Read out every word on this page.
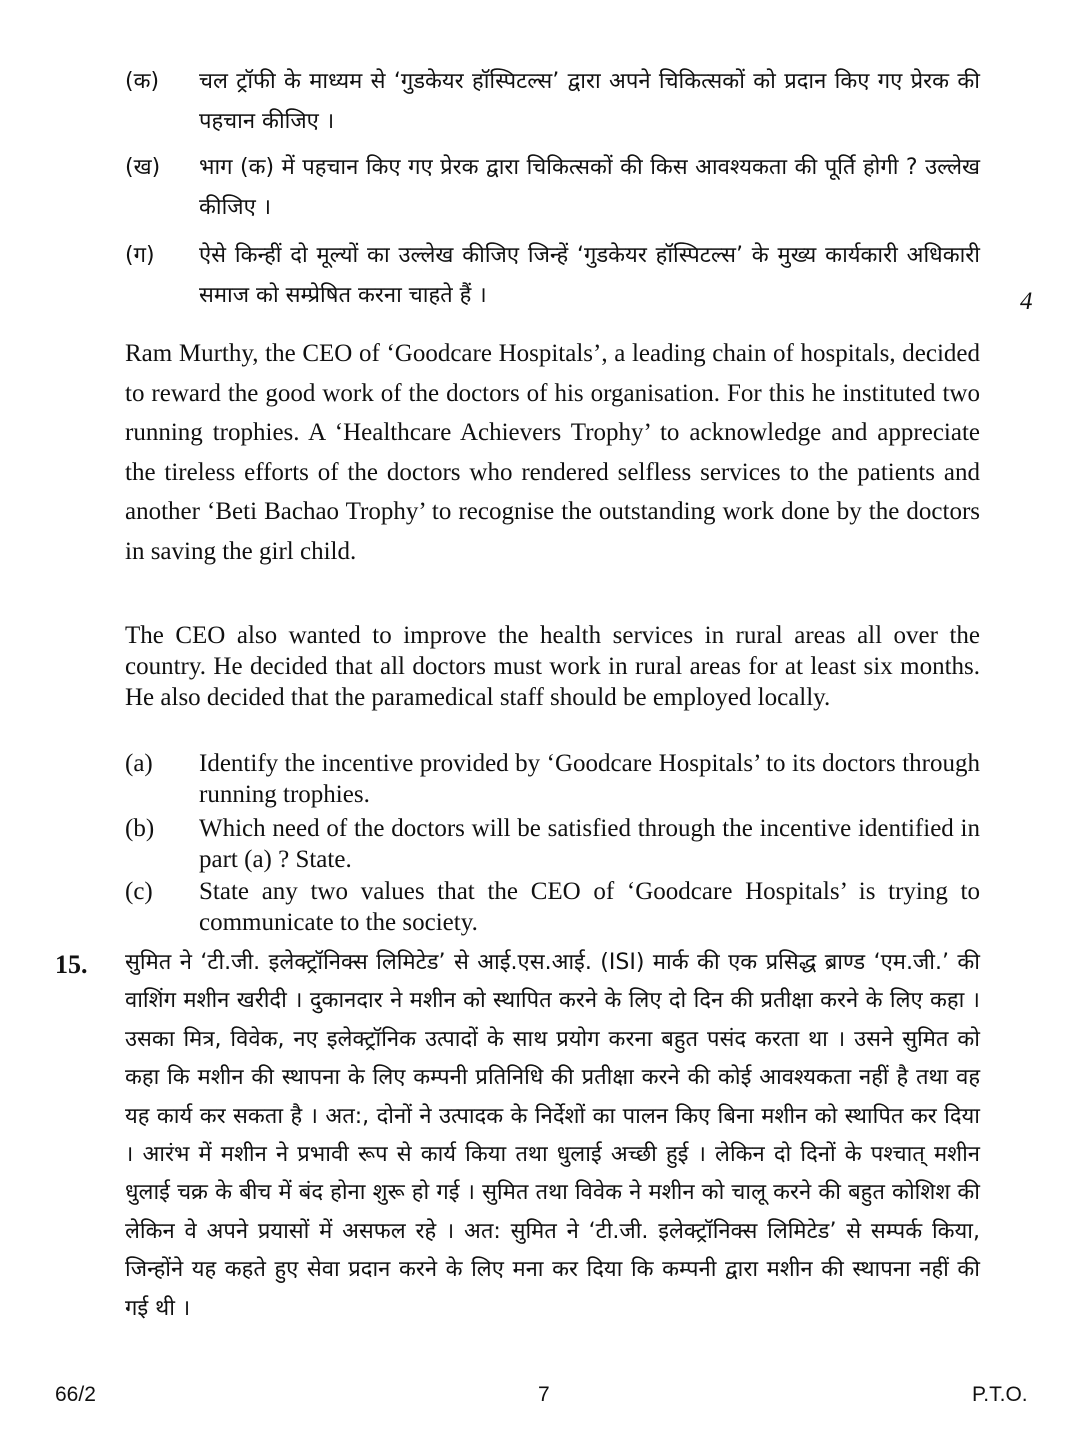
(क) चल ट्रॉफी के माध्यम से ‘गुडकेयर हॉस्पिटल्स’ द्वारा अपने चिकित्सकों को प्रदान किए गए प्रेरक की पहचान कीजिए ।
(ख) भाग (क) में पहचान किए गए प्रेरक द्वारा चिकित्सकों की किस आवश्यकता की पूर्ति होगी ? उल्लेख कीजिए ।
(ग) ऐसे किन्हीं दो मूल्यों का उल्लेख कीजिए जिन्हें ‘गुडकेयर हॉस्पिटल्स’ के मुख्य कार्यकारी अधिकारी समाज को सम्प्रेषित करना चाहते हैं ।	4
Ram Murthy, the CEO of ‘Goodcare Hospitals’, a leading chain of hospitals, decided to reward the good work of the doctors of his organisation. For this he instituted two running trophies. A ‘Healthcare Achievers Trophy’ to acknowledge and appreciate the tireless efforts of the doctors who rendered selfless services to the patients and another ‘Beti Bachao Trophy’ to recognise the outstanding work done by the doctors in saving the girl child.
The CEO also wanted to improve the health services in rural areas all over the country. He decided that all doctors must work in rural areas for at least six months. He also decided that the paramedical staff should be employed locally.
(a) Identify the incentive provided by ‘Goodcare Hospitals’ to its doctors through running trophies.
(b) Which need of the doctors will be satisfied through the incentive identified in part (a) ? State.
(c) State any two values that the CEO of ‘Goodcare Hospitals’ is trying to communicate to the society.
15. सुमित ने ‘टी.जी. इलेक्ट्रॉनिक्स लिमिटेड’ से आई.एस.आई. (ISI) मार्क की एक प्रसिद्ध ब्राण्ड ‘एम.जी.’ की वाशिंग मशीन खरीदी । दुकानदार ने मशीन को स्थापित करने के लिए दो दिन की प्रतीक्षा करने के लिए कहा । उसका मित्र, विवेक, नए इलेक्ट्रॉनिक उत्पादों के साथ प्रयोग करना बहुत पसंद करता था । उसने सुमित को कहा कि मशीन की स्थापना के लिए कम्पनी प्रतिनिधि की प्रतीक्षा करने की कोई आवश्यकता नहीं है तथा वह यह कार्य कर सकता है । अत:, दोनों ने उत्पादक के निर्देशों का पालन किए बिना मशीन को स्थापित कर दिया । आरंभ में मशीन ने प्रभावी रूप से कार्य किया तथा धुलाई अच्छी हुई । लेकिन दो दिनों के पश्चात् मशीन धुलाई चक्र के बीच में बंद होना शुरू हो गई । सुमित तथा विवेक ने मशीन को चालू करने की बहुत कोशिश की लेकिन वे अपने प्रयासों में असफल रहे । अत: सुमित ने ‘टी.जी. इलेक्ट्रॉनिक्स लिमिटेड’ से सम्पर्क किया, जिन्होंने यह कहते हुए सेवा प्रदान करने के लिए मना कर दिया कि कम्पनी द्वारा मशीन की स्थापना नहीं की गई थी ।
66/2	7	P.T.O.
